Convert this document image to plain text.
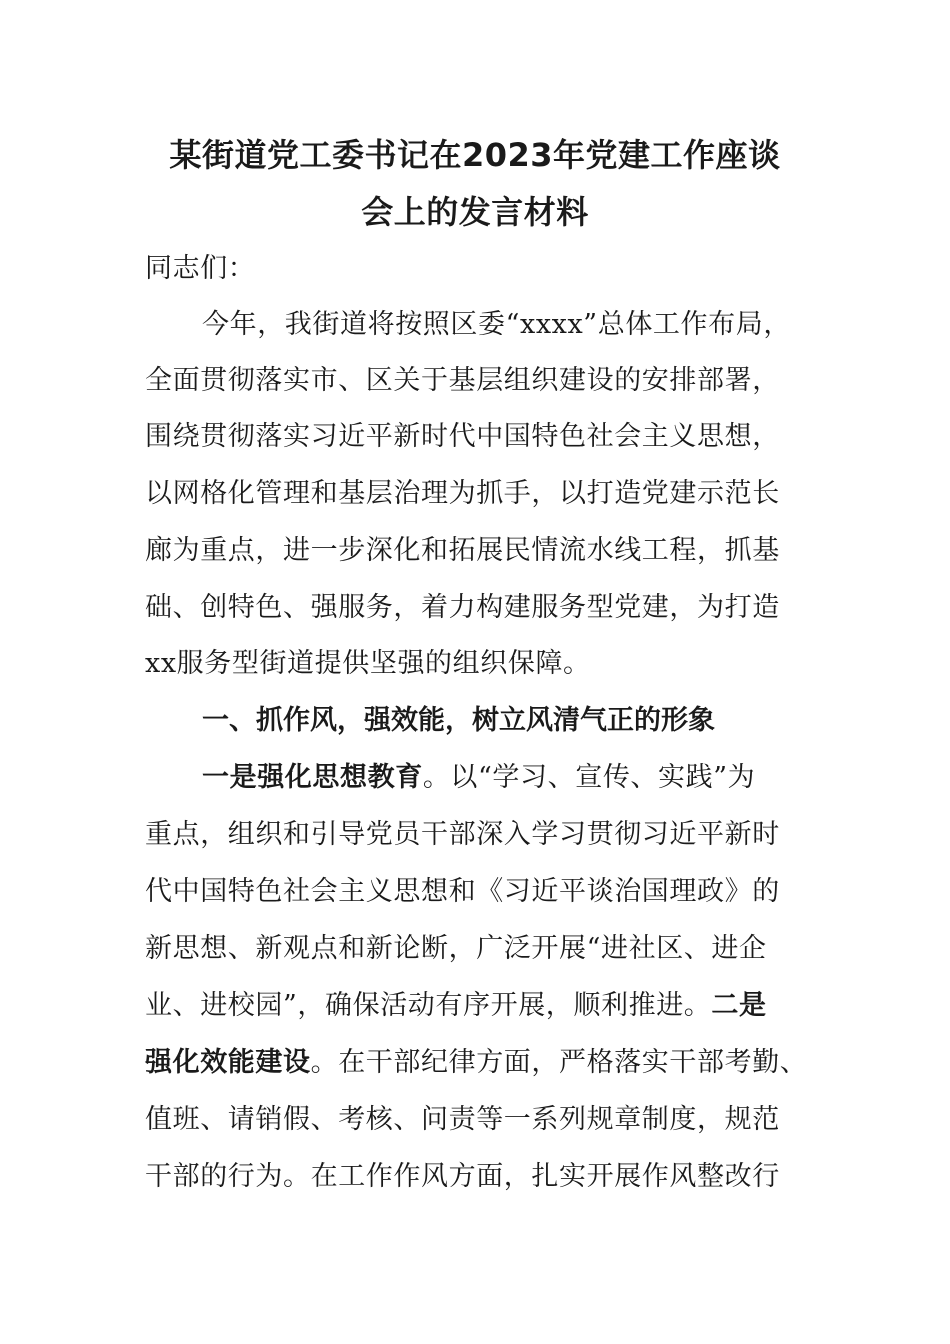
某街道党工委书记在2023年党建工作座谈
会上的发言材料
同志们：
今年，我街道将按照区委“xxxx”总体工作布局，
全面贯彻落实市、区关于基层组织建设的安排部署，
围绕贯彻落实习近平新时代中国特色社会主义思想，
以网格化管理和基层治理为抓手，以打造党建示范长
廊为重点，进一步深化和拓展民情流水线工程，抓基
础、创特色、强服务，着力构建服务型党建，为打造
xx服务型街道提供坚强的组织保障。
一、抓作风，强效能，树立风清气正的形象
一是强化思想教育。以“学习、宣传、实践”为
重点，组织和引导党员干部深入学习贯彻习近平新时
代中国特色社会主义思想和《习近平谈治国理政》的
新思想、新观点和新论断，广泛开展“进社区、进企
业、进校园”，确保活动有序开展，顺利推进。二是
强化效能建设。在干部纪律方面，严格落实干部考勤、
值班、请销假、考核、问责等一系列规章制度，规范
干部的行为。在工作作风方面，扎实开展作风整改行
